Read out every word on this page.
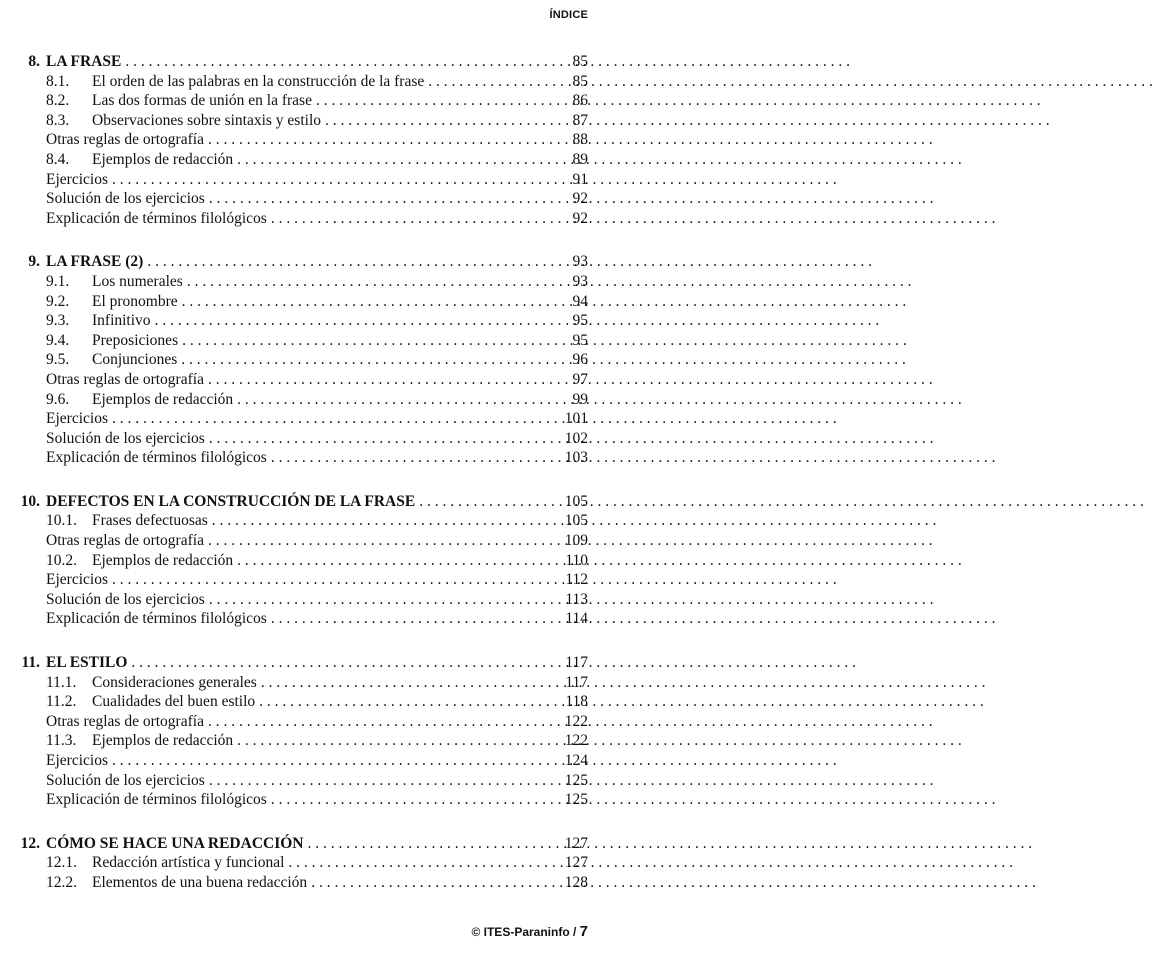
ÍNDICE
8. LA FRASE . . .	85
8.1. El orden de las palabras en la construcción de la frase . . .	85
8.2. Las dos formas de unión en la frase . . .	86
8.3. Observaciones sobre sintaxis y estilo . . .	87
Otras reglas de ortografía . . .	88
8.4. Ejemplos de redacción . . .	89
Ejercicios . . .	91
Solución de los ejercicios . . .	92
Explicación de términos filológicos . . .	92
9. LA FRASE (2) . . .	93
9.1. Los numerales . . .	93
9.2. El pronombre . . .	94
9.3. Infinitivo . . .	95
9.4. Preposiciones . . .	95
9.5. Conjunciones . . .	96
Otras reglas de ortografía . . .	97
9.6. Ejemplos de redacción . . .	99
Ejercicios . . .	101
Solución de los ejercicios . . .	102
Explicación de términos filológicos . . .	103
10. DEFECTOS EN LA CONSTRUCCIÓN DE LA FRASE . . .	105
10.1. Frases defectuosas . . .	105
Otras reglas de ortografía . . .	109
10.2. Ejemplos de redacción . . .	110
Ejercicios . . .	112
Solución de los ejercicios . . .	113
Explicación de términos filológicos . . .	114
11. EL ESTILO . . .	117
11.1. Consideraciones generales . . .	117
11.2. Cualidades del buen estilo . . .	118
Otras reglas de ortografía . . .	122
11.3. Ejemplos de redacción . . .	122
Ejercicios . . .	124
Solución de los ejercicios . . .	125
Explicación de términos filológicos . . .	125
12. CÓMO SE HACE UNA REDACCIÓN . . .	127
12.1. Redacción artística y funcional . . .	127
12.2. Elementos de una buena redacción . . .	128
© ITES-Paraninfo / 7
